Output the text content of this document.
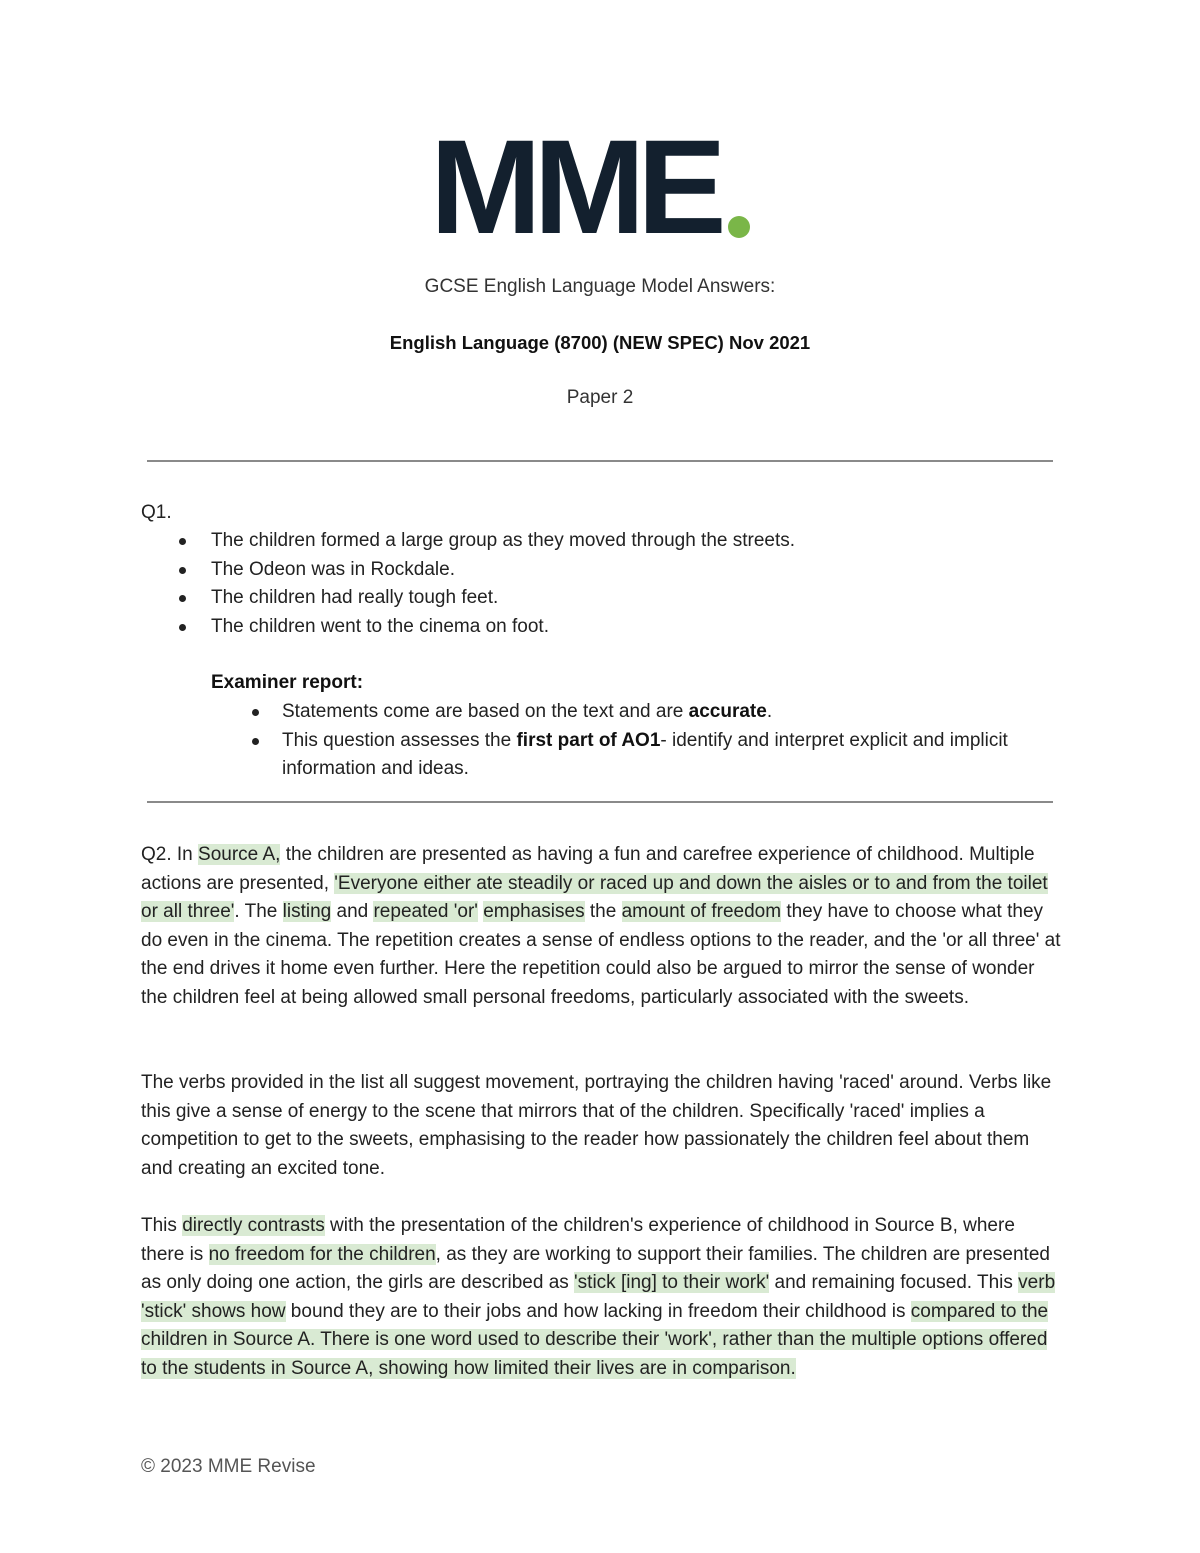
MME
GCSE English Language Model Answers:
English Language (8700) (NEW SPEC) Nov 2021
Paper 2
Q1.
The children formed a large group as they moved through the streets.
The Odeon was in Rockdale.
The children had really tough feet.
The children went to the cinema on foot.
Examiner report:
Statements come are based on the text and are accurate.
This question assesses the first part of AO1- identify and interpret explicit and implicit information and ideas.

Q2. In Source A, the children are presented as having a fun and carefree experience of childhood. Multiple actions are presented, 'Everyone either ate steadily or raced up and down the aisles or to and from the toilet or all three'. The listing and repeated 'or' emphasises the amount of freedom they have to choose what they do even in the cinema. The repetition creates a sense of endless options to the reader, and the 'or all three' at the end drives it home even further. Here the repetition could also be argued to mirror the sense of wonder the children feel at being allowed small personal freedoms, particularly associated with the sweets.

The verbs provided in the list all suggest movement, portraying the children having 'raced' around. Verbs like this give a sense of energy to the scene that mirrors that of the children. Specifically 'raced' implies a competition to get to the sweets, emphasising to the reader how passionately the children feel about them and creating an excited tone.

This directly contrasts with the presentation of the children's experience of childhood in Source B, where there is no freedom for the children, as they are working to support their families. The children are presented as only doing one action, the girls are described as 'stick [ing] to their work' and remaining focused. This verb 'stick' shows how bound they are to their jobs and how lacking in freedom their childhood is compared to the children in Source A. There is one word used to describe their 'work', rather than the multiple options offered to the students in Source A, showing how limited their lives are in comparison.

© 2023 MME Revise
